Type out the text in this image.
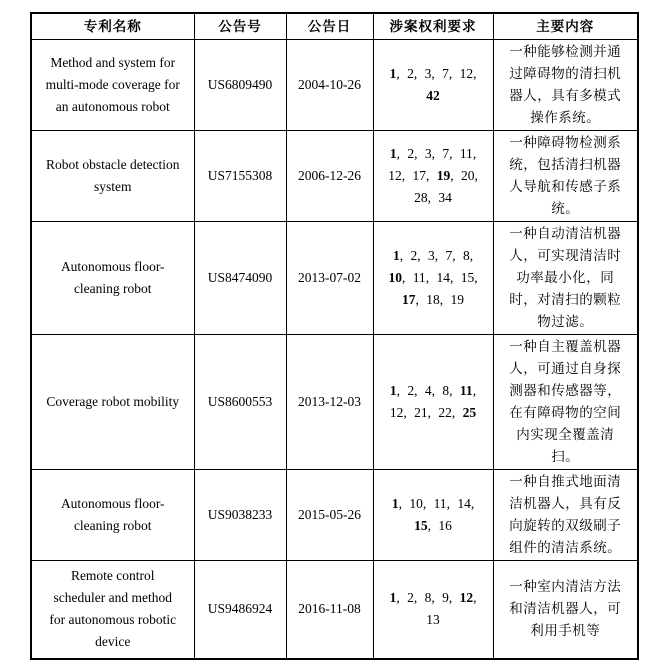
专利名称	公告号	公告日	涉案权利要求	主要内容
Method and system for multi-mode coverage for an autonomous robot	US6809490	2004-10-26	1, 2, 3, 7, 12, 42	一种能够检测并通过障碍物的清扫机器人，具有多模式操作系统。
Robot obstacle detection system	US7155308	2006-12-26	1, 2, 3, 7, 11, 12, 17, 19, 20, 28, 34	一种障碍物检测系统，包括清扫机器人导航和传感子系统。
Autonomous floor-cleaning robot	US8474090	2013-07-02	1, 2, 3, 7, 8, 10, 11, 14, 15, 17, 18, 19	一种自动清洁机器人，可实现清洁时功率最小化，同时，对清扫的颗粒物过滤。
Coverage robot mobility	US8600553	2013-12-03	1, 2, 4, 8, 11, 12, 21, 22, 25	一种自主覆盖机器人，可通过自身探测器和传感器等，在有障碍物的空间内实现全覆盖清扫。
Autonomous floor-cleaning robot	US9038233	2015-05-26	1, 10, 11, 14, 15, 16	一种自推式地面清洁机器人，具有反向旋转的双级刷子组件的清洁系统。
Remote control scheduler and method for autonomous robotic device	US9486924	2016-11-08	1, 2, 8, 9, 12, 13	一种室内清洁方法和清洁机器人，可利用手机等
